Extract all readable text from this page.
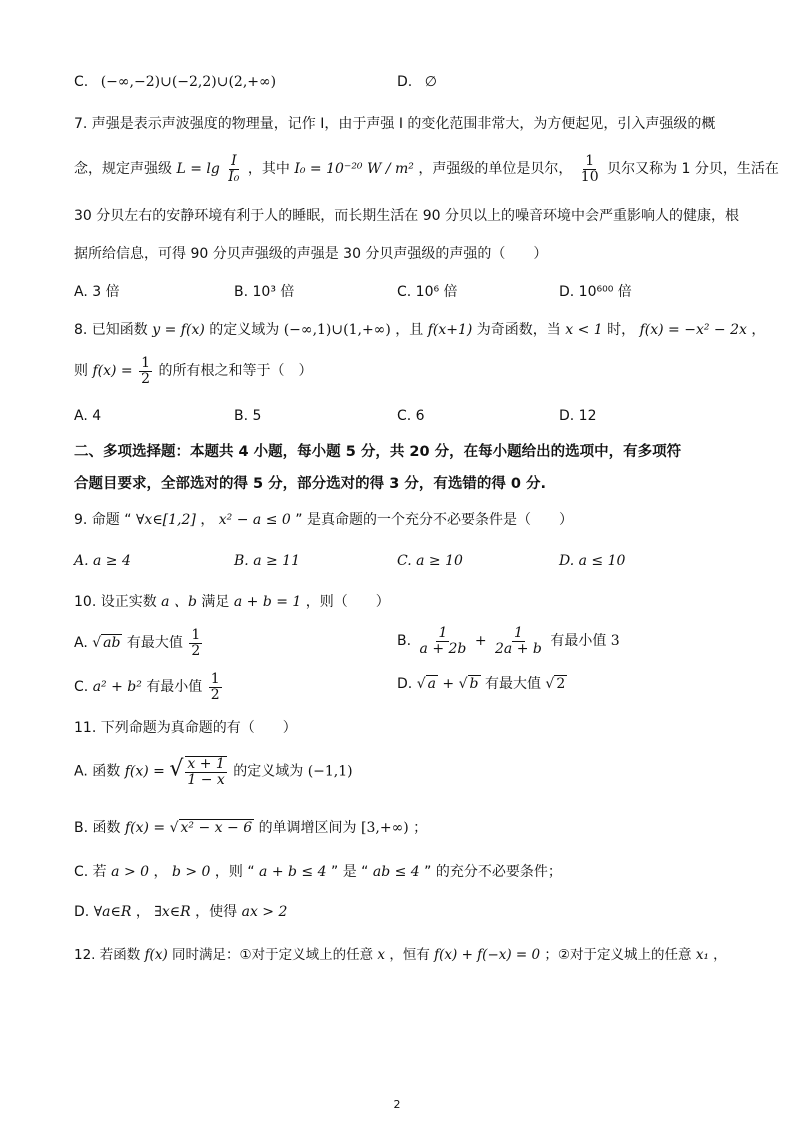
C. (−∞,−2)∪(−2,2)∪(2,+∞)	D. ∅
7. 声强是表示声波强度的物理量，记作 I，由于声强 I 的变化范围非常大，为方便起见，引入声强级的概
念，规定声强级 $L = \lg \frac{I}{\text{I₀}}$ ，其中 I₀ = 10⁻²⁰ W / m² ，声强级的单位是贝尔， $\frac{1}{10}$ 贝尔又称为 1 分贝，生活在
30 分贝左右的安静环境有利于人的睡眠，而长期生活在 90 分贝以上的噪音环境中会严重影响人的健康，根
据所给信息，可得 90 分贝声强级的声强是 30 分贝声强级的声强的（　　）
A. 3 倍	B. 10³ 倍	C. 10⁶ 倍	D. 10⁶⁰⁰ 倍
8. 已知函数 y = f(x) 的定义域为 (−∞,1)∪(1,+∞) ，且 f(x+1) 为奇函数，当 x < 1 时， f(x) = −x² − 2x ，
则 $f(x) = \frac{1}{2}$ 的所有根之和等于（　）
A. 4	B. 5	C. 6	D. 12
二、多项选择题：本题共 4 小题，每小题 5 分，共 20 分，在每小题给出的选项中，有多项符
合题目要求，全部选对的得 5 分，部分选对的得 3 分，有选错的得 0 分.
9. 命题 “ ∀x∈[1,2] ， x² − a ≤ 0 ” 是真命题的一个充分不必要条件是（　　）
A. a ≥ 4	B. a ≥ 11	C. a ≥ 10	D. a ≤ 10
10. 设正实数 a 、b 满足 a + b = 1 ，则（　　）
A. √ ab 有最大值 $\frac{1}{2}$	B. $\frac{1}{a + 2b} + \frac{1}{2a + b}$ 有最小值 3
C. a² + b² 有最小值 $\frac{1}{2}$	D. √ a + √ b 有最大值 √ 2
11. 下列命题为真命题的有（　　）
A. 函数 f(x) = √ $\frac{x + 1}{1 - x}$ 的定义域为 (−1,1)
B. 函数 f(x) = √ x² − x − 6 的单调增区间为 [3,+∞) ；
C. 若 a > 0 ， b > 0 ，则 “ a + b ≤ 4 ” 是 “ ab ≤ 4 ” 的充分不必要条件；
D. ∀a∈R ， ∃x∈R ，使得 ax > 2
12. 若函数 f(x) 同时满足：①对于定义域上的任意 x ，恒有 f(x) + f(−x) = 0 ；②对于定义城上的任意 x₁ ，
2
